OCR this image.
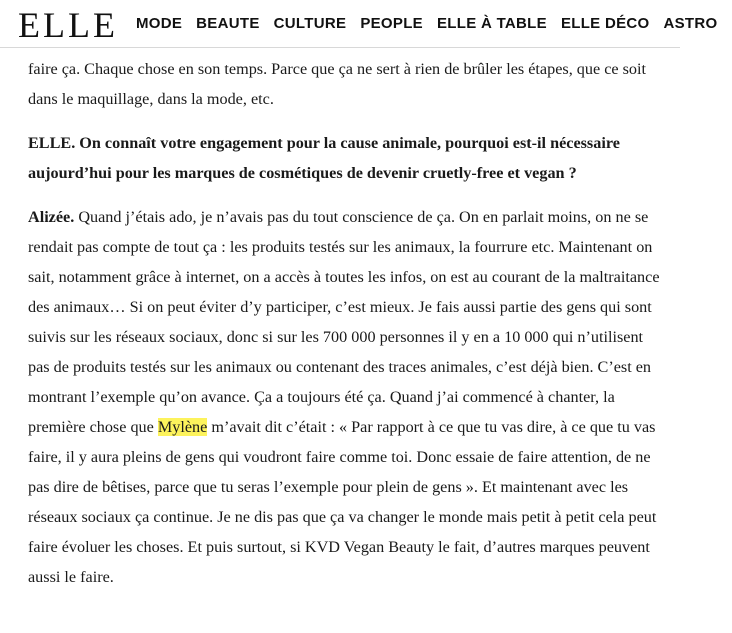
ELLE MODE BEAUTE CULTURE PEOPLE ELLE À TABLE ELLE DÉCO ASTRO

faire ça. Chaque chose en son temps. Parce que ça ne sert à rien de brûler les étapes, que ce soit dans le maquillage, dans la mode, etc.

ELLE. On connaît votre engagement pour la cause animale, pourquoi est-il nécessaire aujourd’hui pour les marques de cosmétiques de devenir cruetly-free et vegan ?

Alizée. Quand j’étais ado, je n’avais pas du tout conscience de ça. On en parlait moins, on ne se rendait pas compte de tout ça : les produits testés sur les animaux, la fourrure etc. Maintenant on sait, notamment grâce à internet, on a accès à toutes les infos, on est au courant de la maltraitance des animaux… Si on peut éviter d’y participer, c’est mieux. Je fais aussi partie des gens qui sont suivis sur les réseaux sociaux, donc si sur les 700 000 personnes il y en a 10 000 qui n’utilisent pas de produits testés sur les animaux ou contenant des traces animales, c’est déjà bien. C’est en montrant l’exemple qu’on avance. Ça a toujours été ça. Quand j’ai commencé à chanter, la première chose que Mylène m’avait dit c’était : « Par rapport à ce que tu vas dire, à ce que tu vas faire, il y aura pleins de gens qui voudront faire comme toi. Donc essaie de faire attention, de ne pas dire de bêtises, parce que tu seras l’exemple pour plein de gens ». Et maintenant avec les réseaux sociaux ça continue. Je ne dis pas que ça va changer le monde mais petit à petit cela peut faire évoluer les choses. Et puis surtout, si KVD Vegan Beauty le fait, d’autres marques peuvent aussi le faire.
